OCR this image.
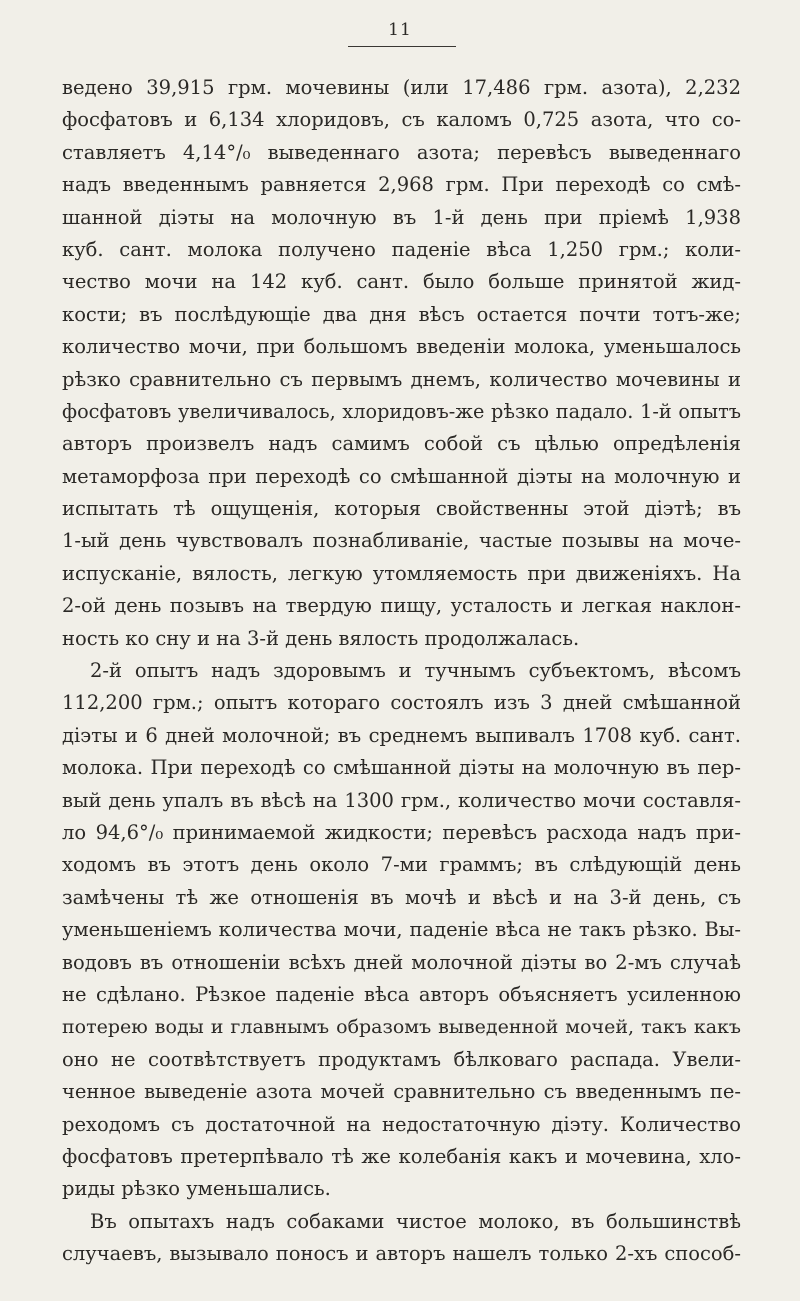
11
ведено 39,915 грм. мочевины (или 17,486 грм. азота), 2,232
фосфатовъ и 6,134 хлоридовъ, съ каломъ 0,725 азота, что со-
ставляетъ 4,14°/₀ выведеннаго азота; перевѣсъ выведеннаго
надъ введеннымъ равняется 2,968 грм. При переходѣ со смѣ-
шанной діэты на молочную въ 1-й день при пріемѣ 1,938
куб. сант. молока получено паденіе вѣса 1,250 грм.; коли-
чество мочи на 142 куб. сант. было больше принятой жид-
кости; въ послѣдующіе два дня вѣсъ остается почти тотъ-же;
количество мочи, при большомъ введеніи молока, уменьшалось
рѣзко сравнительно съ первымъ днемъ, количество мочевины и
фосфатовъ увеличивалось, хлоридовъ-же рѣзко падало. 1-й опытъ
авторъ произвелъ надъ самимъ собой съ цѣлью опредѣленія
метаморфоза при переходѣ со смѣшанной діэты на молочную и
испытать тѣ ощущенія, которыя свойственны этой діэтѣ; въ
1-ый день чувствовалъ познабливаніе, частые позывы на моче-
испусканіе, вялость, легкую утомляемость при движеніяхъ. На
2-ой день позывъ на твердую пищу, усталость и легкая наклон-
ность ко сну и на 3-й день вялость продолжалась.
2-й опытъ надъ здоровымъ и тучнымъ субъектомъ, вѣсомъ
112,200 грм.; опытъ котораго состоялъ изъ 3 дней смѣшанной
діэты и 6 дней молочной; въ среднемъ выпивалъ 1708 куб. сант.
молока. При переходѣ со смѣшанной діэты на молочную въ пер-
вый день упалъ въ вѣсѣ на 1300 грм., количество мочи составля-
ло 94,6°/₀ принимаемой жидкости; перевѣсъ расхода надъ при-
ходомъ въ этотъ день около 7-ми граммъ; въ слѣдующій день
замѣчены тѣ же отношенія въ мочѣ и вѣсѣ и на 3-й день, съ
уменьшеніемъ количества мочи, паденіе вѣса не такъ рѣзко. Вы-
водовъ въ отношеніи всѣхъ дней молочной діэты во 2-мъ случаѣ
не сдѣлано. Рѣзкое паденіе вѣса авторъ объясняетъ усиленною
потерею воды и главнымъ образомъ выведенной мочей, такъ какъ
оно не соотвѣтствуетъ продуктамъ бѣлковаго распада. Увели-
ченное выведеніе азота мочей сравнительно съ введеннымъ пе-
реходомъ съ достаточной на недостаточную діэту. Количество
фосфатовъ претерпѣвало тѣ же колебанія какъ и мочевина, хло-
риды рѣзко уменьшались.
Въ опытахъ надъ собаками чистое молоко, въ большинствѣ
случаевъ, вызывало поносъ и авторъ нашелъ только 2-хъ способ-
